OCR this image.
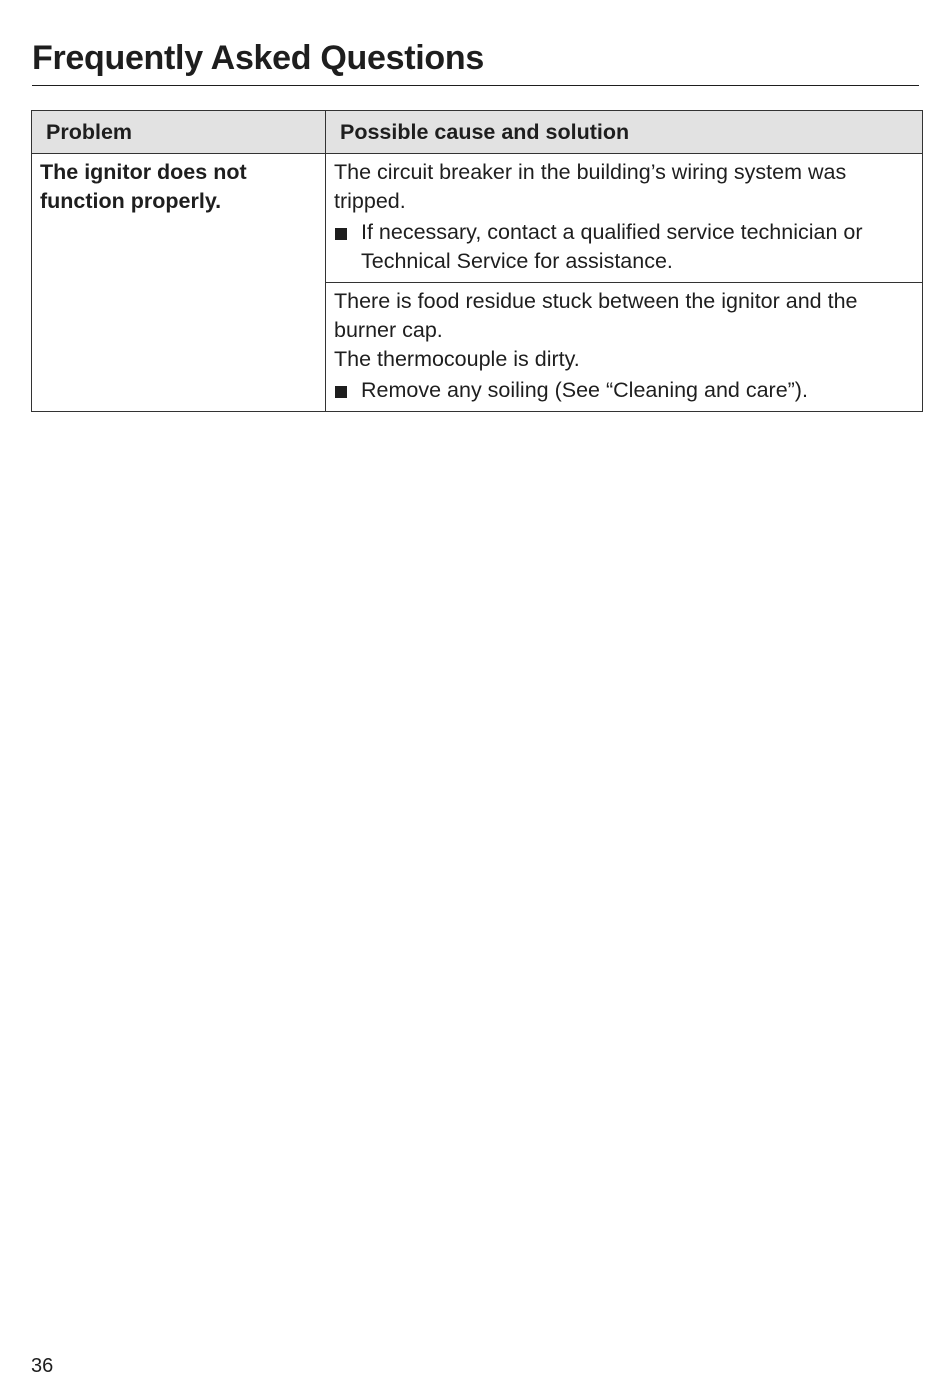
Frequently Asked Questions
Problem	Possible cause and solution
The ignitor does not function properly.	The circuit breaker in the building’s wiring system was tripped.
If necessary, contact a qualified service technician or Technical Service for assistance.

	There is food residue stuck between the ignitor and the burner cap.
The thermocouple is dirty.
Remove any soiling (See “Cleaning and care”).
36
